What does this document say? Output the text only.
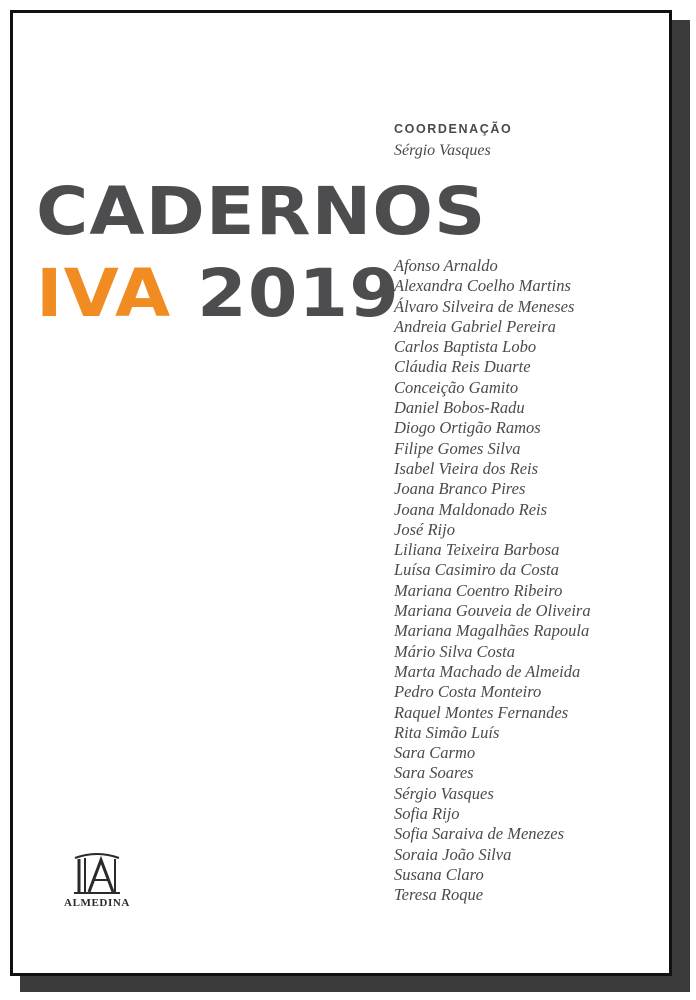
COORDENAÇÃO
Sérgio Vasques
CADERNOS
IVA 2019
Afonso Arnaldo
Alexandra Coelho Martins
Álvaro Silveira de Meneses
Andreia Gabriel Pereira
Carlos Baptista Lobo
Cláudia Reis Duarte
Conceição Gamito
Daniel Bobos-Radu
Diogo Ortigão Ramos
Filipe Gomes Silva
Isabel Vieira dos Reis
Joana Branco Pires
Joana Maldonado Reis
José Rijo
Liliana Teixeira Barbosa
Luísa Casimiro da Costa
Mariana Coentro Ribeiro
Mariana Gouveia de Oliveira
Mariana Magalhães Rapoula
Mário Silva Costa
Marta Machado de Almeida
Pedro Costa Monteiro
Raquel Montes Fernandes
Rita Simão Luís
Sara Carmo
Sara Soares
Sérgio Vasques
Sofia Rijo
Sofia Saraiva de Menezes
Soraia João Silva
Susana Claro
Teresa Roque
ALMEDINA
